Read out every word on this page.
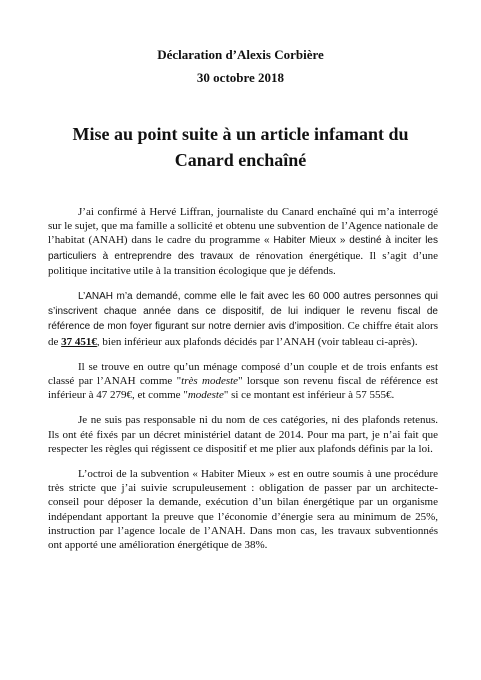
Déclaration d’Alexis Corbière
30 octobre 2018
Mise au point suite à un article infamant du
Canard enchaîné

J’ai confirmé à Hervé Liffran, journaliste du Canard enchaîné qui m’a interrogé sur le sujet, que ma famille a sollicité et obtenu une subvention de l’Agence nationale de l’habitat (ANAH) dans le cadre du programme « Habiter Mieux » destiné à inciter les particuliers à entreprendre des travaux de rénovation énergétique. Il s’agit d’une politique incitative utile à la transition écologique que je défends.

L’ANAH m’a demandé, comme elle le fait avec les 60 000 autres personnes qui s’inscrivent chaque année dans ce dispositif, de lui indiquer le revenu fiscal de référence de mon foyer figurant sur notre dernier avis d’imposition. Ce chiffre était alors de 37 451€, bien inférieur aux plafonds décidés par l’ANAH (voir tableau ci-après).

Il se trouve en outre qu’un ménage composé d’un couple et de trois enfants est classé par l’ANAH comme "très modeste" lorsque son revenu fiscal de référence est inférieur à 47 279€, et comme "modeste" si ce montant est inférieur à 57 555€.

Je ne suis pas responsable ni du nom de ces catégories, ni des plafonds retenus. Ils ont été fixés par un décret ministériel datant de 2014. Pour ma part, je n’ai fait que respecter les règles qui régissent ce dispositif et me plier aux plafonds définis par la loi.

L’octroi de la subvention « Habiter Mieux » est en outre soumis à une procédure très stricte que j’ai suivie scrupuleusement : obligation de passer par un architecte-conseil pour déposer la demande, exécution d’un bilan énergétique par un organisme indépendant apportant la preuve que l’économie d’énergie sera au minimum de 25%, instruction par l’agence locale de l’ANAH. Dans mon cas, les travaux subventionnés ont apporté une amélioration énergétique de 38%.
